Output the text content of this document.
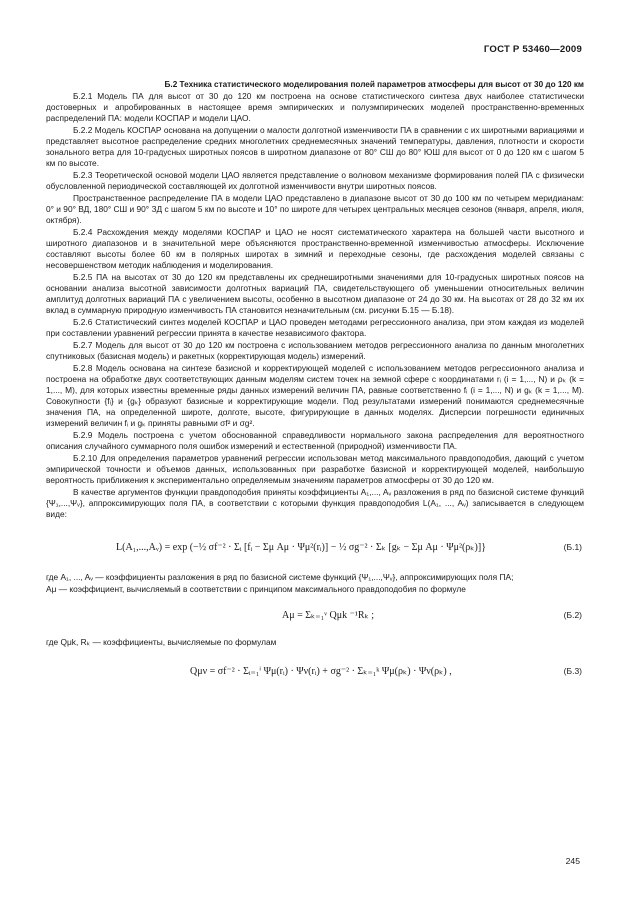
ГОСТ Р 53460—2009

Б.2 Техника статистического моделирования полей параметров атмосферы для высот от 30 до 120 км

Б.2.1 Модель ПА для высот от 30 до 120 км построена на основе статистического синтеза двух наиболее статистически достоверных и апробированных в настоящее время эмпирических и полуэмпирических моделей пространственно-временных распределений ПА: модели КОСПАР и модели ЦАО.

Б.2.2 Модель КОСПАР основана на допущении о малости долготной изменчивости ПА в сравнении с их широтными вариациями и представляет высотное распределение средних многолетних среднемесячных значений температуры, давления, плотности и скорости зонального ветра для 10-градусных широтных поясов в широтном диапазоне от 80° СШ до 80° ЮШ для высот от 0 до 120 км с шагом 5 км по высоте.

Б.2.3 Теоретической основой модели ЦАО является представление о волновом механизме формирования полей ПА с физически обусловленной периодической составляющей их долготной изменчивости внутри широтных поясов.

Пространственное распределение ПА в модели ЦАО представлено в диапазоне высот от 30 до 100 км по четырем меридианам: 0° и 90° ВД, 180° СШ и 90° ЗД с шагом 5 км по высоте и 10° по широте для четырех центральных месяцев сезонов (января, апреля, июля, октября).

Б.2.4 Расхождения между моделями КОСПАР и ЦАО не носят систематического характера на большей части высотного и широтного диапазонов и в значительной мере объясняются пространственно-временной изменчивостью атмосферы. Исключение составляют высоты более 60 км в полярных широтах в зимний и переходные сезоны, где расхождения моделей связаны с несовершенством методик наблюдения и моделирования.

Б.2.5 ПА на высотах от 30 до 120 км представлены их среднеширотными значениями для 10-градусных широтных поясов на основании анализа высотной зависимости долготных вариаций ПА, свидетельствующего об уменьшении относительных величин амплитуд долготных вариаций ПА с увеличением высоты, особенно в высотном диапазоне от 24 до 30 км. На высотах от 28 до 32 км их вклад в суммарную природную изменчивость ПА становится незначительным (см. рисунки Б.15 — Б.18).

Б.2.6 Статистический синтез моделей КОСПАР и ЦАО проведен методами регрессионного анализа, при этом каждая из моделей при составлении уравнений регрессии принята в качестве независимого фактора.

Б.2.7 Модель для высот от 30 до 120 км построена с использованием методов регрессионного анализа по данным многолетних спутниковых (базисная модель) и ракетных (корректирующая модель) измерений.

Б.2.8 Модель основана на синтезе базисной и корректирующей моделей с использованием методов регрессионного анализа и построена на обработке двух соответствующих данным моделям систем точек на земной сфере с координатами rᵢ (i = 1,..., N) и ρₖ (k = 1,..., M), для которых известны временные ряды данных измерений величин ПА, равные соответственно fᵢ (i = 1,..., N) и gₖ (k = 1,..., M). Совокупности {fᵢ} и {gₖ} образуют базисные и корректирующие модели. Под результатами измерений понимаются среднемесячные значения ПА, на определенной широте, долготе, высоте, фигурирующие в данных моделях. Дисперсии погрешности единичных измерений величин fᵢ и gₖ приняты равными σf² и σg².

Б.2.9 Модель построена с учетом обоснованной справедливости нормального закона распределения для вероятностного описания случайного суммарного поля ошибок измерений и естественной (природной) изменчивости ПА.

Б.2.10 Для определения параметров уравнений регрессии использован метод максимального правдоподобия, дающий с учетом эмпирической точности и объемов данных, использованных при разработке базисной и корректирующей моделей, наибольшую вероятность приближения к экспериментально определяемым значениям параметров атмосферы от 30 до 120 км.

В качестве аргументов функции правдоподобия приняты коэффициенты A₁,..., Aᵥ разложения в ряд по базисной системе функций {Ψ₁,...,Ψᵥ}, аппроксимирующих поля ПА, в соответствии с которыми функция правдоподобия L(A₁, ..., Aᵥ) записывается в следующем виде:

L(A₁,...,Aᵥ) = exp (−½ σf⁻² · Σᵢ [fᵢ − Σμ Aμ · Ψμ²(rᵢ)] − ½ σg⁻² · Σₖ [gₖ − Σμ Aμ · Ψμ²(ρₖ)]}	(Б.1)

где A₁, ..., Aᵥ — коэффициенты разложения в ряд по базисной системе функций {Ψ₁,...,Ψᵥ}, аппроксимирующих поля ПА;

Aμ — коэффициент, вычисляемый в соответствии с принципом максимального правдоподобия по формуле

Aμ = Σₖ₌₁ᵛ Qμk ⁻¹Rₖ ;	(Б.2)

где Qμk, Rₖ — коэффициенты, вычисляемые по формулам

Qμν = σf⁻² · Σᵢ₌₁ⁱ Ψμ(rᵢ) · Ψν(rᵢ) + σg⁻² · Σₖ₌₁ᵏ Ψμ(ρₖ) · Ψν(ρₖ) ,	(Б.3)
245
